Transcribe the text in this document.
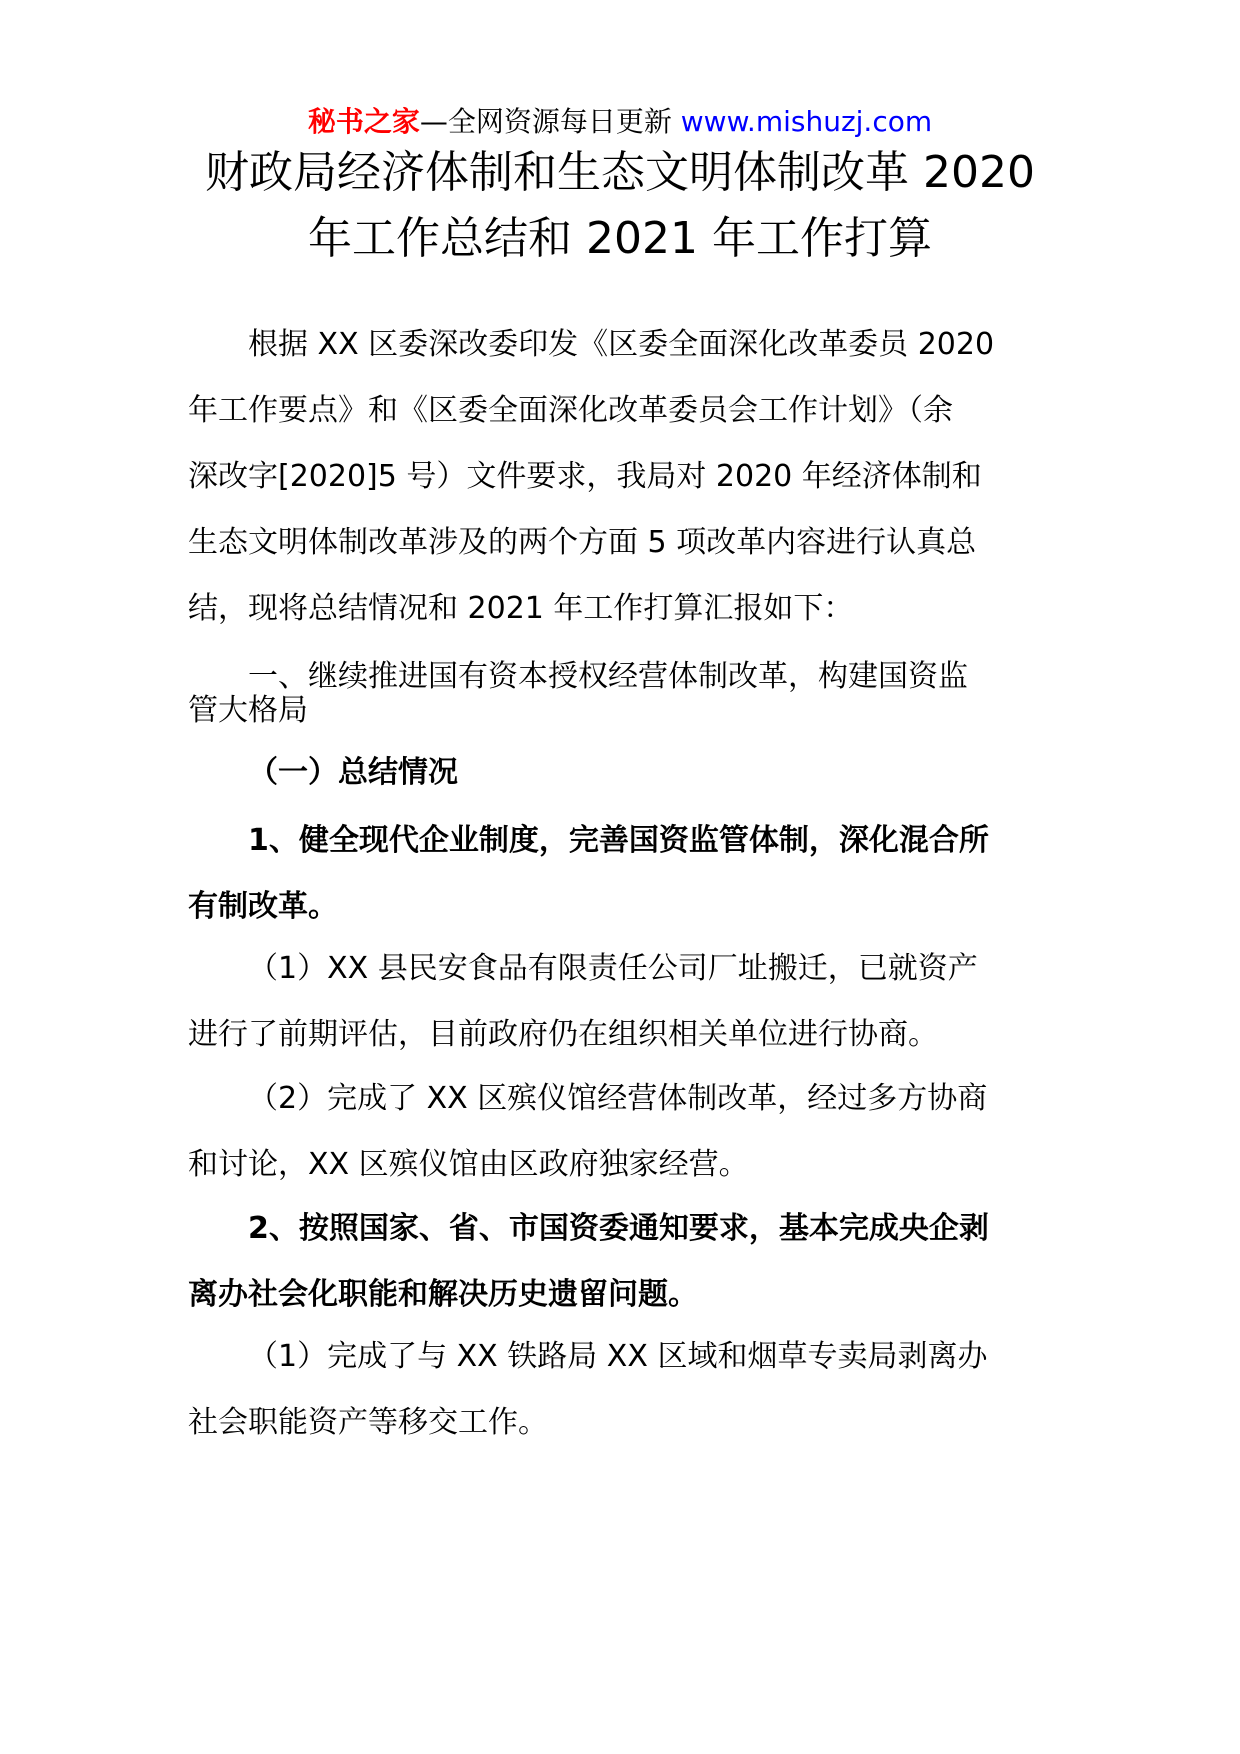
秘书之家—全网资源每日更新 www.mishuzj.com
财政局经济体制和生态文明体制改革 2020
年工作总结和 2021 年工作打算

根据 XX 区委深改委印发《区委全面深化改革委员 2020
年工作要点》和《区委全面深化改革委员会工作计划》（余
深改字[2020]5 号）文件要求，我局对 2020 年经济体制和
生态文明体制改革涉及的两个方面 5 项改革内容进行认真总
结，现将总结情况和 2021 年工作打算汇报如下：

一、继续推进国有资本授权经营体制改革，构建国资监
管大格局

（一）总结情况

1、健全现代企业制度，完善国资监管体制，深化混合所
有制改革。

（1）XX 县民安食品有限责任公司厂址搬迁，已就资产
进行了前期评估，目前政府仍在组织相关单位进行协商。

（2）完成了 XX 区殡仪馆经营体制改革，经过多方协商
和讨论，XX 区殡仪馆由区政府独家经营。

2、按照国家、省、市国资委通知要求，基本完成央企剥
离办社会化职能和解决历史遗留问题。

（1）完成了与 XX 铁路局 XX 区域和烟草专卖局剥离办
社会职能资产等移交工作。
